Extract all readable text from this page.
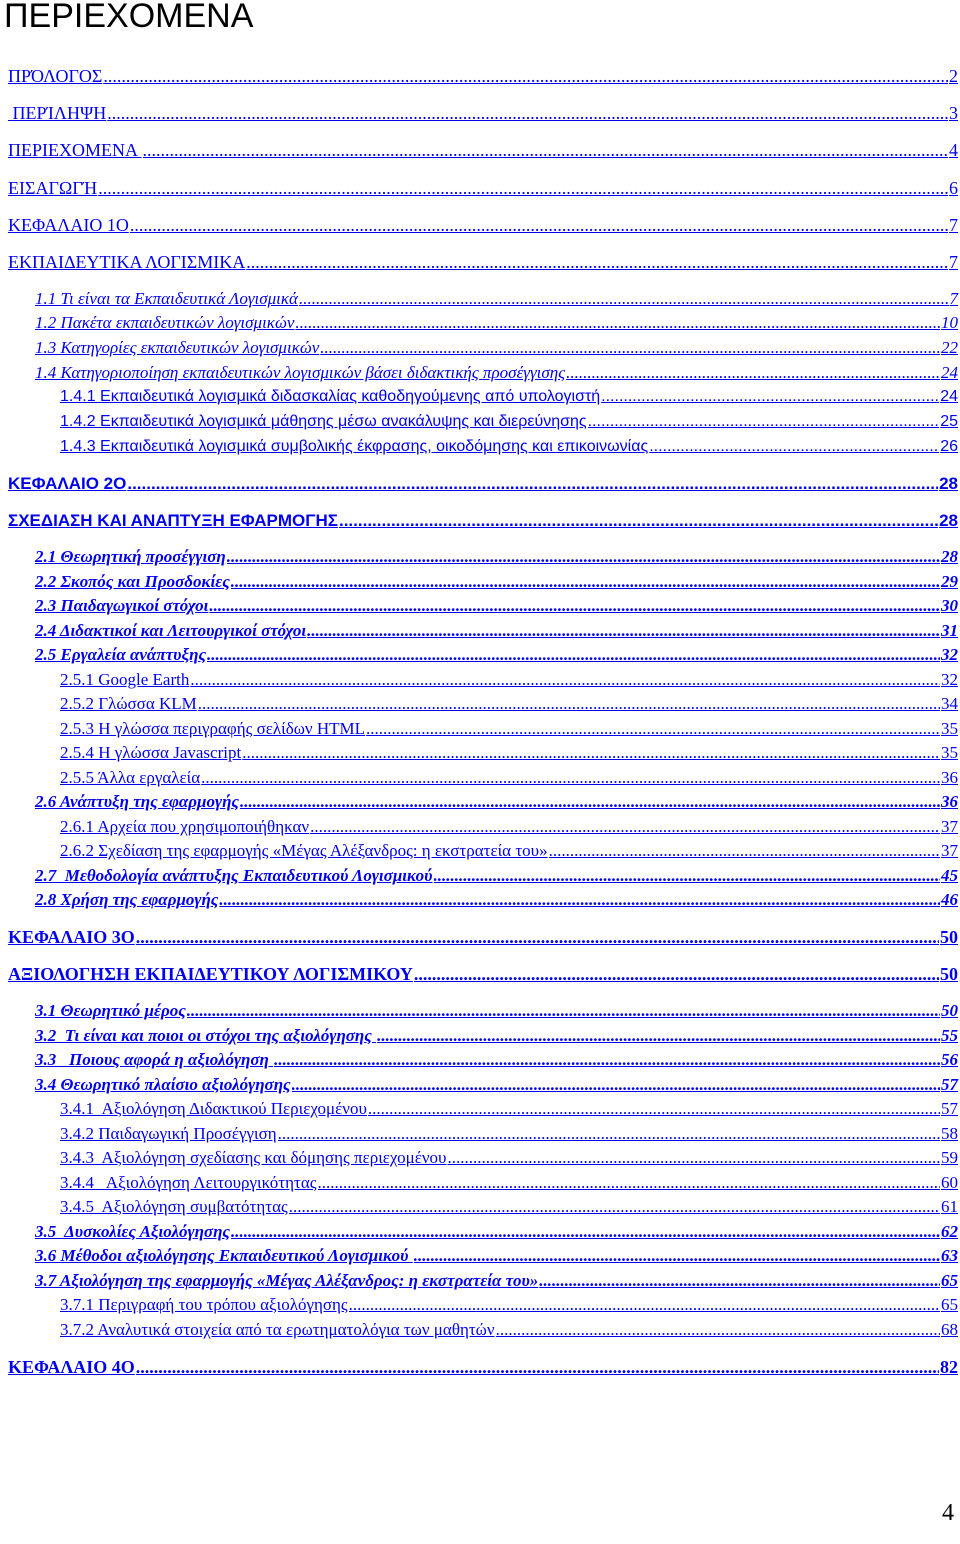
ΠΕΡΙΕΧΟΜΕΝΑ
ΠΡΌΛΟΓΟΣ .....	2
ΠΕΡΊΛΗΨΗ .....	3
ΠΕΡΙΕΧΟΜΕΝΑ .....	4
ΕΙΣΑΓΩΓΉ .....	6
ΚΕΦΑΛΑΙΟ 1Ο .....	7
ΕΚΠΑΙΔΕΥΤΙΚΑ ΛΟΓΙΣΜΙΚΑ .....	7
1.1 Τι είναι τα Εκπαιδευτικά Λογισμικά .....	7
1.2 Πακέτα εκπαιδευτικών λογισμικών .....	10
1.3 Κατηγορίες εκπαιδευτικών λογισμικών .....	22
1.4 Κατηγοριοποίηση εκπαιδευτικών λογισμικών βάσει διδακτικής προσέγγισης .....	24
1.4.1 Εκπαιδευτικά λογισμικά διδασκαλίας καθοδηγούμενης από υπολογιστή .....	24
1.4.2 Εκπαιδευτικά λογισμικά μάθησης μέσω ανακάλυψης και διερεύνησης .....	25
1.4.3 Εκπαιδευτικά λογισμικά συμβολικής έκφρασης, οικοδόμησης και επικοινωνίας .....	26
ΚΕΦΑΛΑΙΟ 2Ο .....	28
ΣΧΕΔΙΑΣΗ ΚΑΙ ΑΝΑΠΤΥΞΗ ΕΦΑΡΜΟΓΗΣ .....	28
2.1 Θεωρητική προσέγγιση .....	28
2.2 Σκοπός και Προσδοκίες .....	29
2.3 Παιδαγωγικοί στόχοι .....	30
2.4 Διδακτικοί και Λειτουργικοί στόχοι .....	31
2.5 Εργαλεία ανάπτυξης .....	32
2.5.1 Google Earth .....	32
2.5.2 Γλώσσα KLM .....	34
2.5.3 Η γλώσσα περιγραφής σελίδων HTML .....	35
2.5.4 Η γλώσσα Javascript .....	35
2.5.5 Άλλα εργαλεία .....	36
2.6 Ανάπτυξη της εφαρμογής .....	36
2.6.1 Αρχεία που χρησιμοποιήθηκαν .....	37
2.6.2 Σχεδίαση της εφαρμογής «Μέγας Αλέξανδρος: η εκστρατεία του» .....	37
2.7  Μεθοδολογία ανάπτυξης Εκπαιδευτικού Λογισμικού .....	45
2.8 Χρήση της εφαρμογής .....	46
ΚΕΦΑΛΑΙΟ 3Ο .....	50
ΑΞΙΟΛΟΓΗΣΗ ΕΚΠΑΙΔΕΥΤΙΚΟΥ ΛΟΓΙΣΜΙΚΟΥ .....	50
3.1 Θεωρητικό μέρος .....	50
3.2  Τι είναι και ποιοι οι στόχοι της αξιολόγησης .....	55
3.3   Ποιους αφορά η αξιολόγηση .....	56
3.4 Θεωρητικό πλαίσιο αξιολόγησης .....	57
3.4.1  Αξιολόγηση Διδακτικού Περιεχομένου .....	57
3.4.2 Παιδαγωγική Προσέγγιση .....	58
3.4.3  Αξιολόγηση σχεδίασης και δόμησης περιεχομένου .....	59
3.4.4   Αξιολόγηση Λειτουργικότητας .....	60
3.4.5  Αξιολόγηση συμβατότητας .....	61
3.5  Δυσκολίες Αξιολόγησης .....	62
3.6 Μέθοδοι αξιολόγησης Εκπαιδευτικού Λογισμικού .....	63
3.7 Αξιολόγηση της εφαρμογής «Μέγας Αλέξανδρος: η εκστρατεία του» .....	65
3.7.1 Περιγραφή του τρόπου αξιολόγησης .....	65
3.7.2 Αναλυτικά στοιχεία από τα ερωτηματολόγια των μαθητών .....	68
ΚΕΦΑΛΑΙΟ 4Ο .....	82
4
